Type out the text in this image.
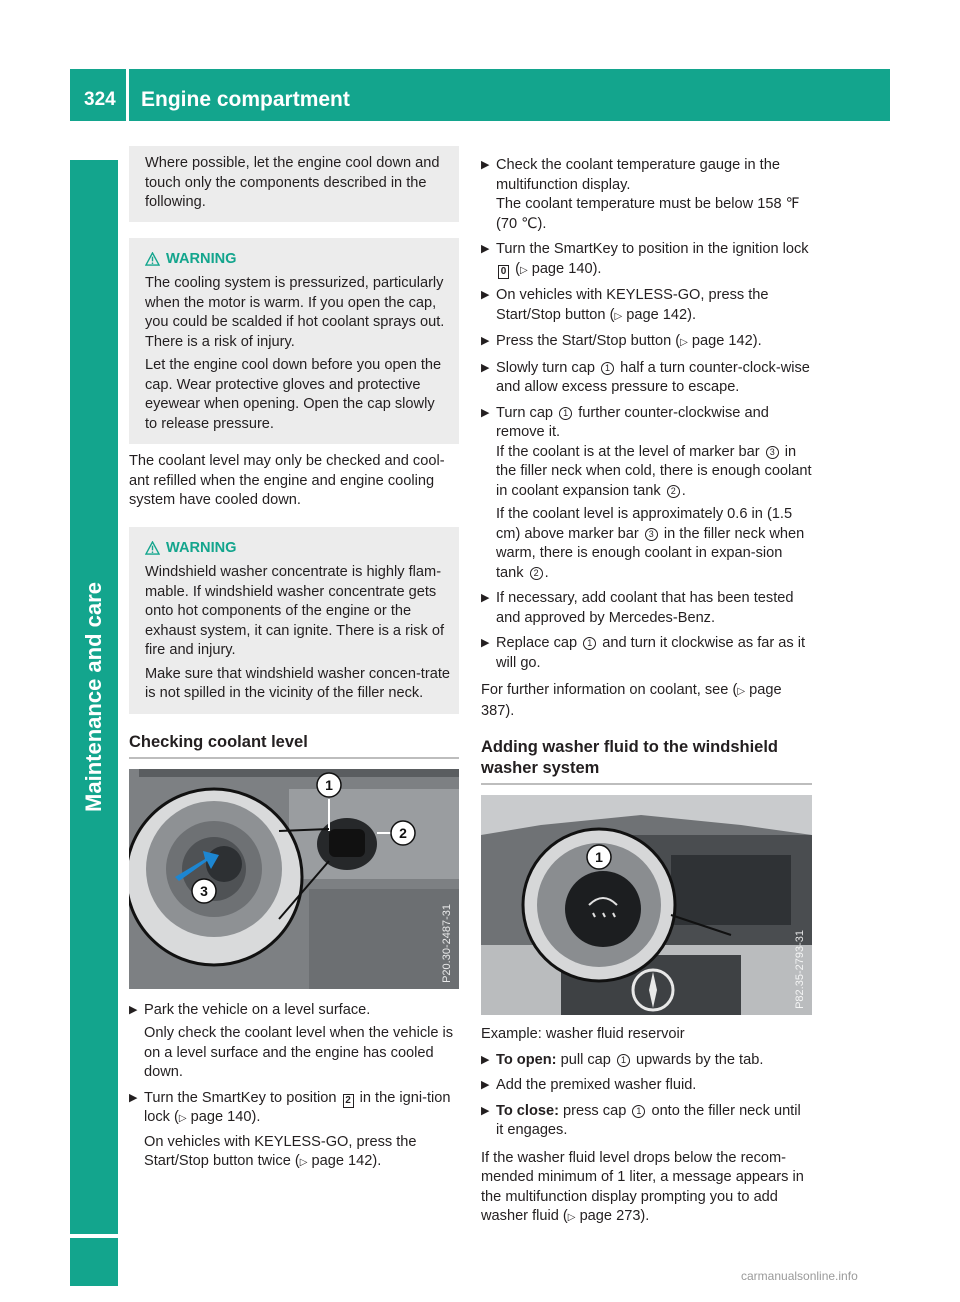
324 Engine compartment
Maintenance and care
Where possible, let the engine cool down and touch only the components described in the following.
WARNING

The cooling system is pressurized, particularly when the motor is warm. If you open the cap, you could be scalded if hot coolant sprays out. There is a risk of injury.

Let the engine cool down before you open the cap. Wear protective gloves and protective eyewear when opening. Open the cap slowly to release pressure.

The coolant level may only be checked and cool-ant refilled when the engine and engine cooling system have cooled down.

WARNING

Windshield washer concentrate is highly flam-mable. If windshield washer concentrate gets onto hot components of the engine or the exhaust system, it can ignite. There is a risk of fire and injury.

Make sure that windshield washer concen-trate is not spilled in the vicinity of the filler neck.

Checking coolant level
1
2
3
P20.30-2487-31
▶ Park the vehicle on a level surface.

Only check the coolant level when the vehicle is on a level surface and the engine has cooled down.

▶ Turn the SmartKey to position 2 in the igni-tion lock (▷ page 140).

On vehicles with KEYLESS-GO, press the Start/Stop button twice (▷ page 142).

▶ Check the coolant temperature gauge in the multifunction display.

The coolant temperature must be below 158 ℉ (70 ℃).

▶ Turn the SmartKey to position in the ignition lock 0 (▷ page 140).

▶ On vehicles with KEYLESS-GO, press the Start/Stop button (▷ page 142).

▶ Press the Start/Stop button (▷ page 142).

▶ Slowly turn cap 1 half a turn counter-clock-wise and allow excess pressure to escape.

▶ Turn cap 1 further counter-clockwise and remove it.

If the coolant is at the level of marker bar 3 in the filler neck when cold, there is enough coolant in coolant expansion tank 2 .

If the coolant level is approximately 0.6 in (1.5 cm) above marker bar 3 in the filler neck when warm, there is enough coolant in expan-sion tank 2 .

▶ If necessary, add coolant that has been tested and approved by Mercedes-Benz.

▶ Replace cap 1 and turn it clockwise as far as it will go.

For further information on coolant, see (▷ page 387).

Adding washer fluid to the windshield washer system
1
P82.35-2793-31

Example: washer fluid reservoir

▶ To open: pull cap 1 upwards by the tab.

▶ Add the premixed washer fluid.

▶ To close: press cap 1 onto the filler neck until it engages.

If the washer fluid level drops below the recom-mended minimum of 1 liter, a message appears in the multifunction display prompting you to add washer fluid (▷ page 273).

carmanualsonline.info
